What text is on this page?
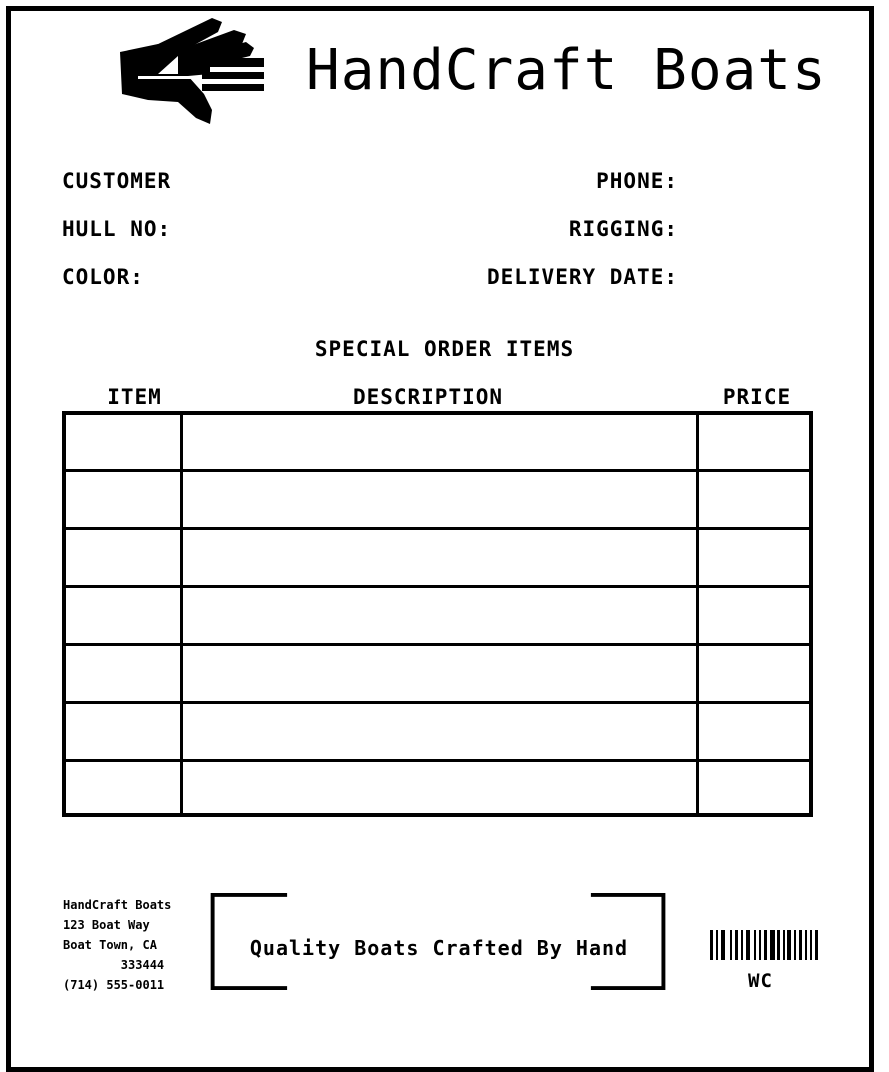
HandCraft Boats
CUSTOMER	PHONE:
HULL NO:	RIGGING:
COLOR:	DELIVERY DATE:
SPECIAL ORDER ITEMS
ITEM	DESCRIPTION	PRICE
HandCraft Boats
123 Boat Way
Boat Town, CA
333444
(714) 555-0011
Quality Boats Crafted By Hand
WC
